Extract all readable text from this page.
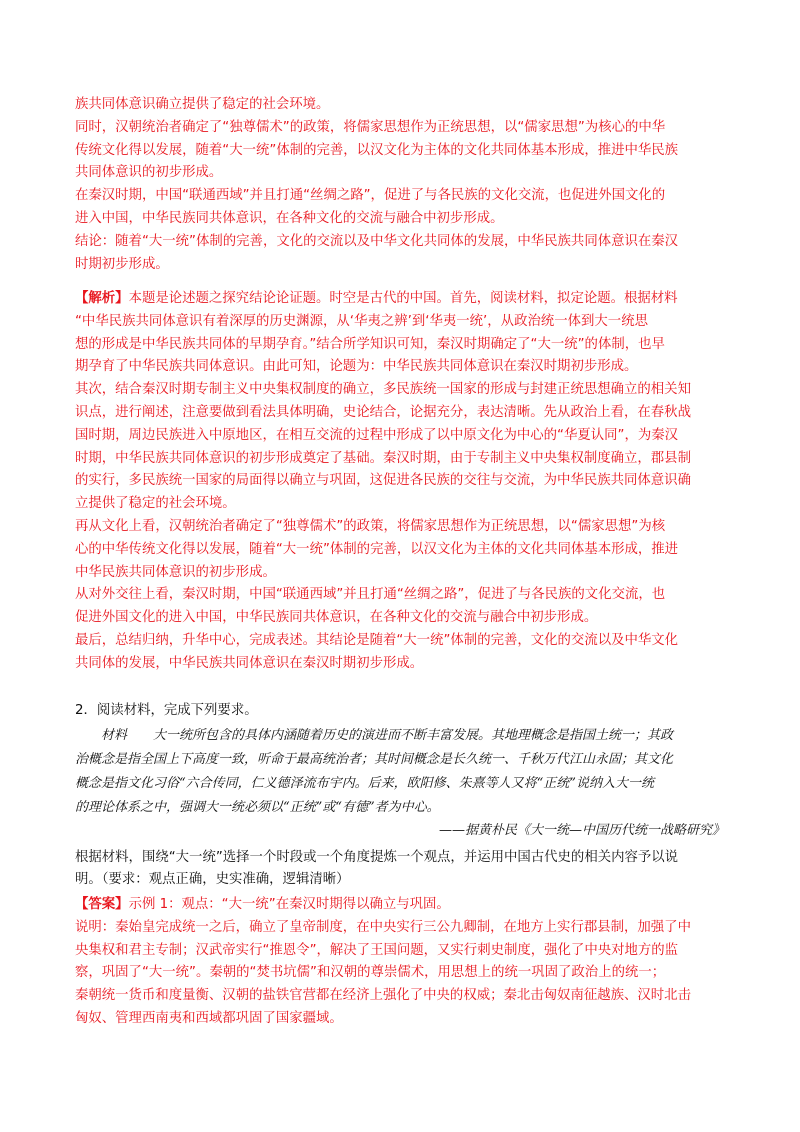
族共同体意识确立提供了稳定的社会环境。
同时，汉朝统治者确定了“独尊儒术”的政策，将儒家思想作为正统思想，以“儒家思想”为核心的中华
传统文化得以发展，随着“大一统”体制的完善，以汉文化为主体的文化共同体基本形成，推进中华民族
共同体意识的初步形成。
在秦汉时期，中国“联通西域”并且打通“丝绸之路”，促进了与各民族的文化交流，也促进外国文化的
进入中国，中华民族同共体意识，在各种文化的交流与融合中初步形成。
结论：随着“大一统”体制的完善，文化的交流以及中华文化共同体的发展，中华民族共同体意识在秦汉
时期初步形成。
【解析】本题是论述题之探究结论论证题。时空是古代的中国。首先，阅读材料，拟定论题。根据材料
“中华民族共同体意识有着深厚的历史渊源，从‘华夷之辨’到‘华夷一统’，从政治统一体到大一统思
想的形成是中华民族共同体的早期孕育。”结合所学知识可知，秦汉时期确定了“大一统”的体制，也早
期孕育了中华民族共同体意识。由此可知，论题为：中华民族共同体意识在秦汉时期初步形成。
其次，结合秦汉时期专制主义中央集权制度的确立，多民族统一国家的形成与封建正统思想确立的相关知
识点，进行阐述，注意要做到看法具体明确，史论结合，论据充分，表达清晰。先从政治上看，在春秋战
国时期，周边民族进入中原地区，在相互交流的过程中形成了以中原文化为中心的“华夏认同”，为秦汉
时期，中华民族共同体意识的初步形成奠定了基础。秦汉时期，由于专制主义中央集权制度确立，郡县制
的实行，多民族统一国家的局面得以确立与巩固，这促进各民族的交往与交流，为中华民族共同体意识确
立提供了稳定的社会环境。
再从文化上看，汉朝统治者确定了“独尊儒术”的政策，将儒家思想作为正统思想，以“儒家思想”为核
心的中华传统文化得以发展，随着“大一统”体制的完善，以汉文化为主体的文化共同体基本形成，推进
中华民族共同体意识的初步形成。
从对外交往上看，秦汉时期，中国“联通西域”并且打通“丝绸之路”，促进了与各民族的文化交流，也
促进外国文化的进入中国，中华民族同共体意识，在各种文化的交流与融合中初步形成。
最后，总结归纳，升华中心，完成表述。其结论是随着“大一统”体制的完善，文化的交流以及中华文化
共同体的发展，中华民族共同体意识在秦汉时期初步形成。
2．阅读材料，完成下列要求。
材料　　大一统所包含的具体内涵随着历史的演进而不断丰富发展。其地理概念是指国土统一；其政
治概念是指全国上下高度一致，听命于最高统治者；其时间概念是长久统一、千秋万代江山永固；其文化
概念是指文化习俗“六合传同，仁义德泽流布宇内。后来，欧阳修、朱熹等人又将“正统”说纳入大一统
的理论体系之中，强调大一统必须以“正统”或“有德”者为中心。
——据黄朴民《大一统—中国历代统一战略研究》
根据材料，围绕“大一统”选择一个时段或一个角度提炼一个观点，并运用中国古代史的相关内容予以说
明。（要求：观点正确，史实准确，逻辑清晰）
【答案】示例 1：观点：“大一统”在秦汉时期得以确立与巩固。
说明：秦始皇完成统一之后，确立了皇帝制度，在中央实行三公九卿制，在地方上实行郡县制，加强了中
央集权和君主专制；汉武帝实行“推恩令”，解决了王国问题，又实行刺史制度，强化了中央对地方的监
察，巩固了“大一统”。秦朝的“焚书坑儒”和汉朝的尊崇儒术，用思想上的统一巩固了政治上的统一；
秦朝统一货币和度量衡、汉朝的盐铁官营都在经济上强化了中央的权威；秦北击匈奴南征越族、汉时北击
匈奴、管理西南夷和西域都巩固了国家疆域。
